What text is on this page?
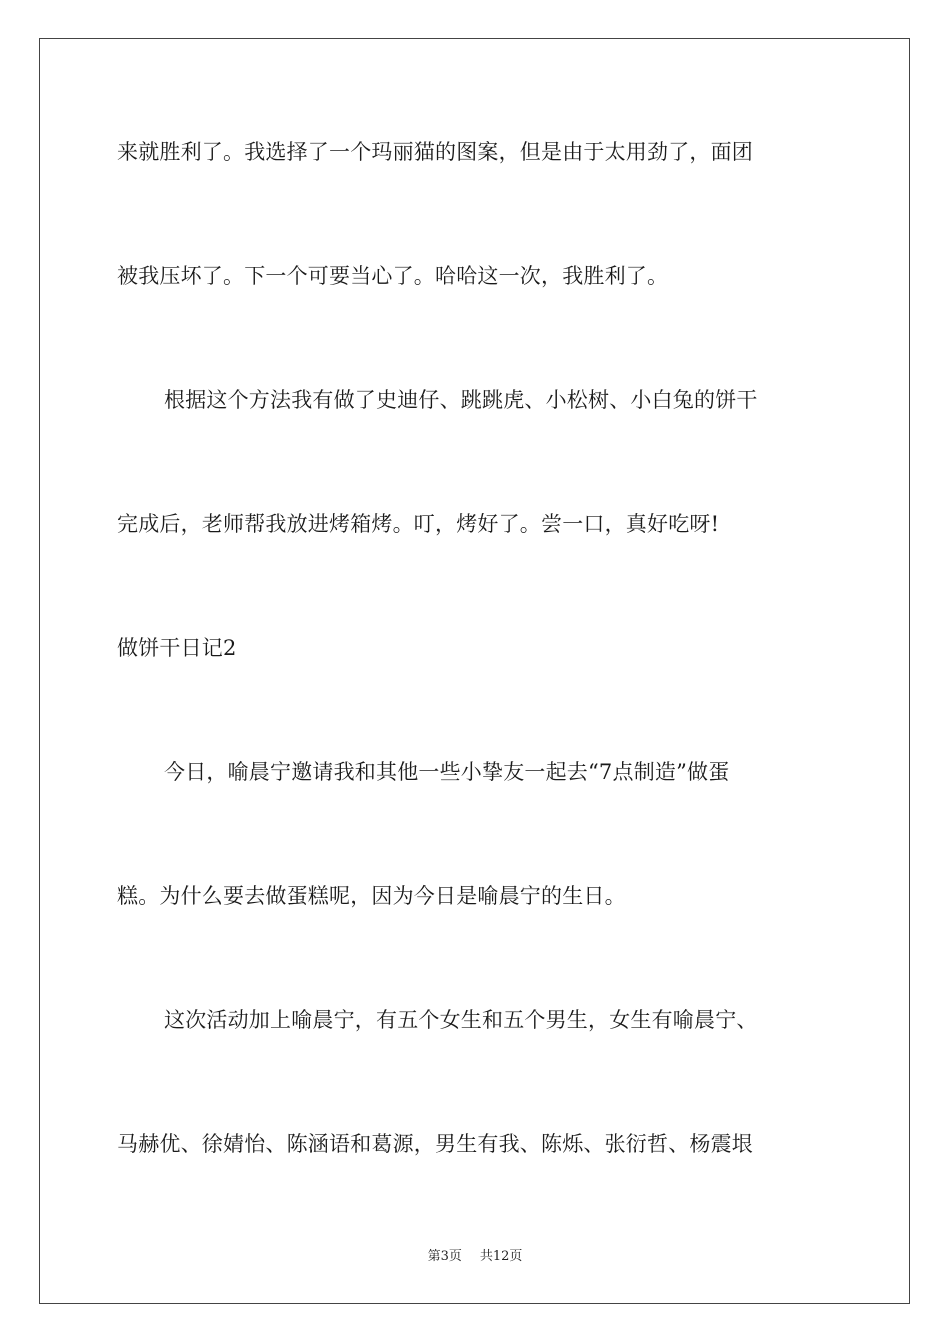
来就胜利了。我选择了一个玛丽猫的图案，但是由于太用劲了，面团
被我压坏了。下一个可要当心了。哈哈这一次，我胜利了。
根据这个方法我有做了史迪仔、跳跳虎、小松树、小白兔的饼干
完成后，老师帮我放进烤箱烤。叮，烤好了。尝一口，真好吃呀!
做饼干日记2
今日，喻晨宁邀请我和其他一些小挚友一起去“7点制造”做蛋
糕。为什么要去做蛋糕呢，因为今日是喻晨宁的生日。
这次活动加上喻晨宁，有五个女生和五个男生，女生有喻晨宁、
马赫优、徐婧怡、陈涵语和葛源，男生有我、陈烁、张衍哲、杨震垠
第3页 共12页
